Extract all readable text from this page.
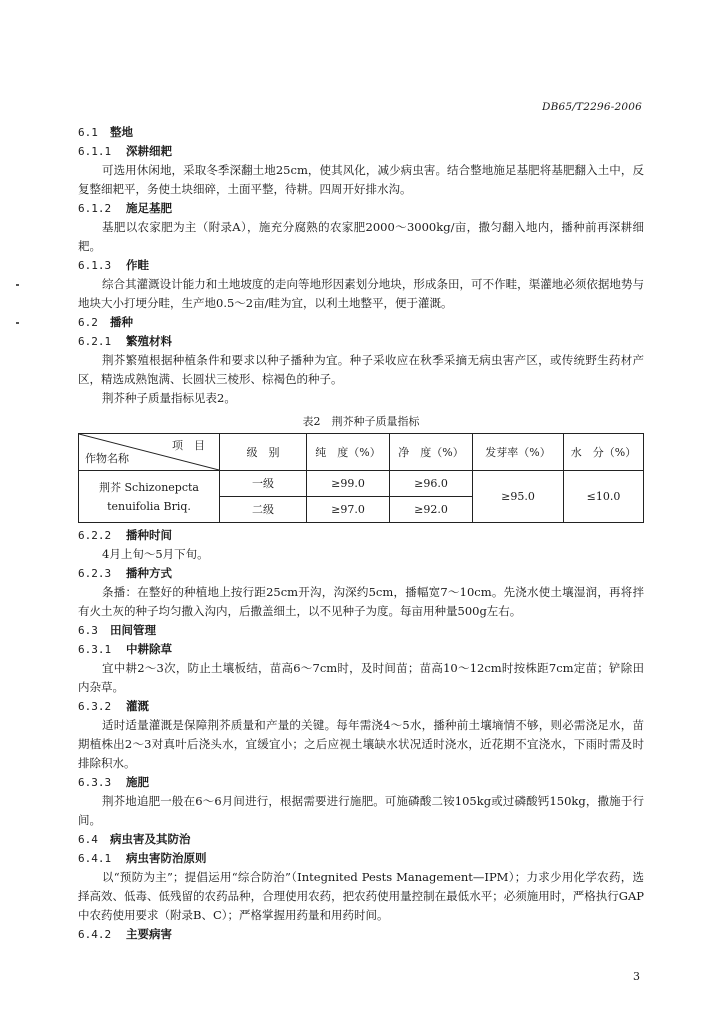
DB65/T2296-2006
6.1 整地
6.1.1 深耕细耙

可选用休闲地，采取冬季深翻土地25cm，使其风化，减少病虫害。结合整地施足基肥将基肥翻入土中，反复整细耙平，务使土块细碎，土面平整，待耕。四周开好排水沟。

6.1.2 施足基肥

基肥以农家肥为主（附录A），施充分腐熟的农家肥2000～3000kg/亩，撒匀翻入地内，播种前再深耕细耙。

6.1.3 作畦

综合其灌溉设计能力和土地坡度的走向等地形因素划分地块，形成条田，可不作畦，渠灌地必须依据地势与地块大小打埂分畦，生产地0.5～2亩/畦为宜，以利土地整平，便于灌溉。

6.2 播种
6.2.1 繁殖材料

荆芥繁殖根据种植条件和要求以种子播种为宜。种子采收应在秋季采摘无病虫害产区，或传统野生药材产区，精选成熟饱满、长圆状三棱形、棕褐色的种子。

荆芥种子质量指标见表2。

表2　荆芥种子质量指标
项　目
作物名称	级　别	纯　度（%）	净　度（%）	发芽率（%）	水　分（%）
荆芥 Schizonepcta tenuifolia Briq.	一级	≥99.0	≥96.0	≥95.0	≤10.0
	二级	≥97.0	≥92.0		
6.2.2 播种时间

4月上旬～5月下旬。

6.2.3 播种方式

条播：在整好的种植地上按行距25cm开沟，沟深约5cm，播幅宽7～10cm。先浇水使土壤湿润，再将拌有火土灰的种子均匀撒入沟内，后撒盖细土，以不见种子为度。每亩用种量500g左右。

6.3 田间管理
6.3.1 中耕除草

宜中耕2～3次，防止土壤板结，苗高6～7cm时，及时间苗；苗高10～12cm时按株距7cm定苗；铲除田内杂草。

6.3.2 灌溉

适时适量灌溉是保障荆芥质量和产量的关键。每年需浇4～5水，播种前土壤墒情不够，则必需浇足水，苗期植株出2～3对真叶后浇头水，宜缓宜小；之后应视土壤缺水状况适时浇水，近花期不宜浇水，下雨时需及时排除积水。

6.3.3 施肥

荆芥地追肥一般在6～6月间进行，根据需要进行施肥。可施磷酸二铵105kg或过磷酸钙150kg，撒施于行间。

6.4 病虫害及其防治
6.4.1 病虫害防治原则

以“预防为主”；提倡运用“综合防治”（Integnited Pests Management—IPM）；力求少用化学农药，选择高效、低毒、低残留的农药品种，合理使用农药，把农药使用量控制在最低水平；必须施用时，严格执行GAP中农药使用要求（附录B、C）；严格掌握用药量和用药时间。

6.4.2 主要病害
3
